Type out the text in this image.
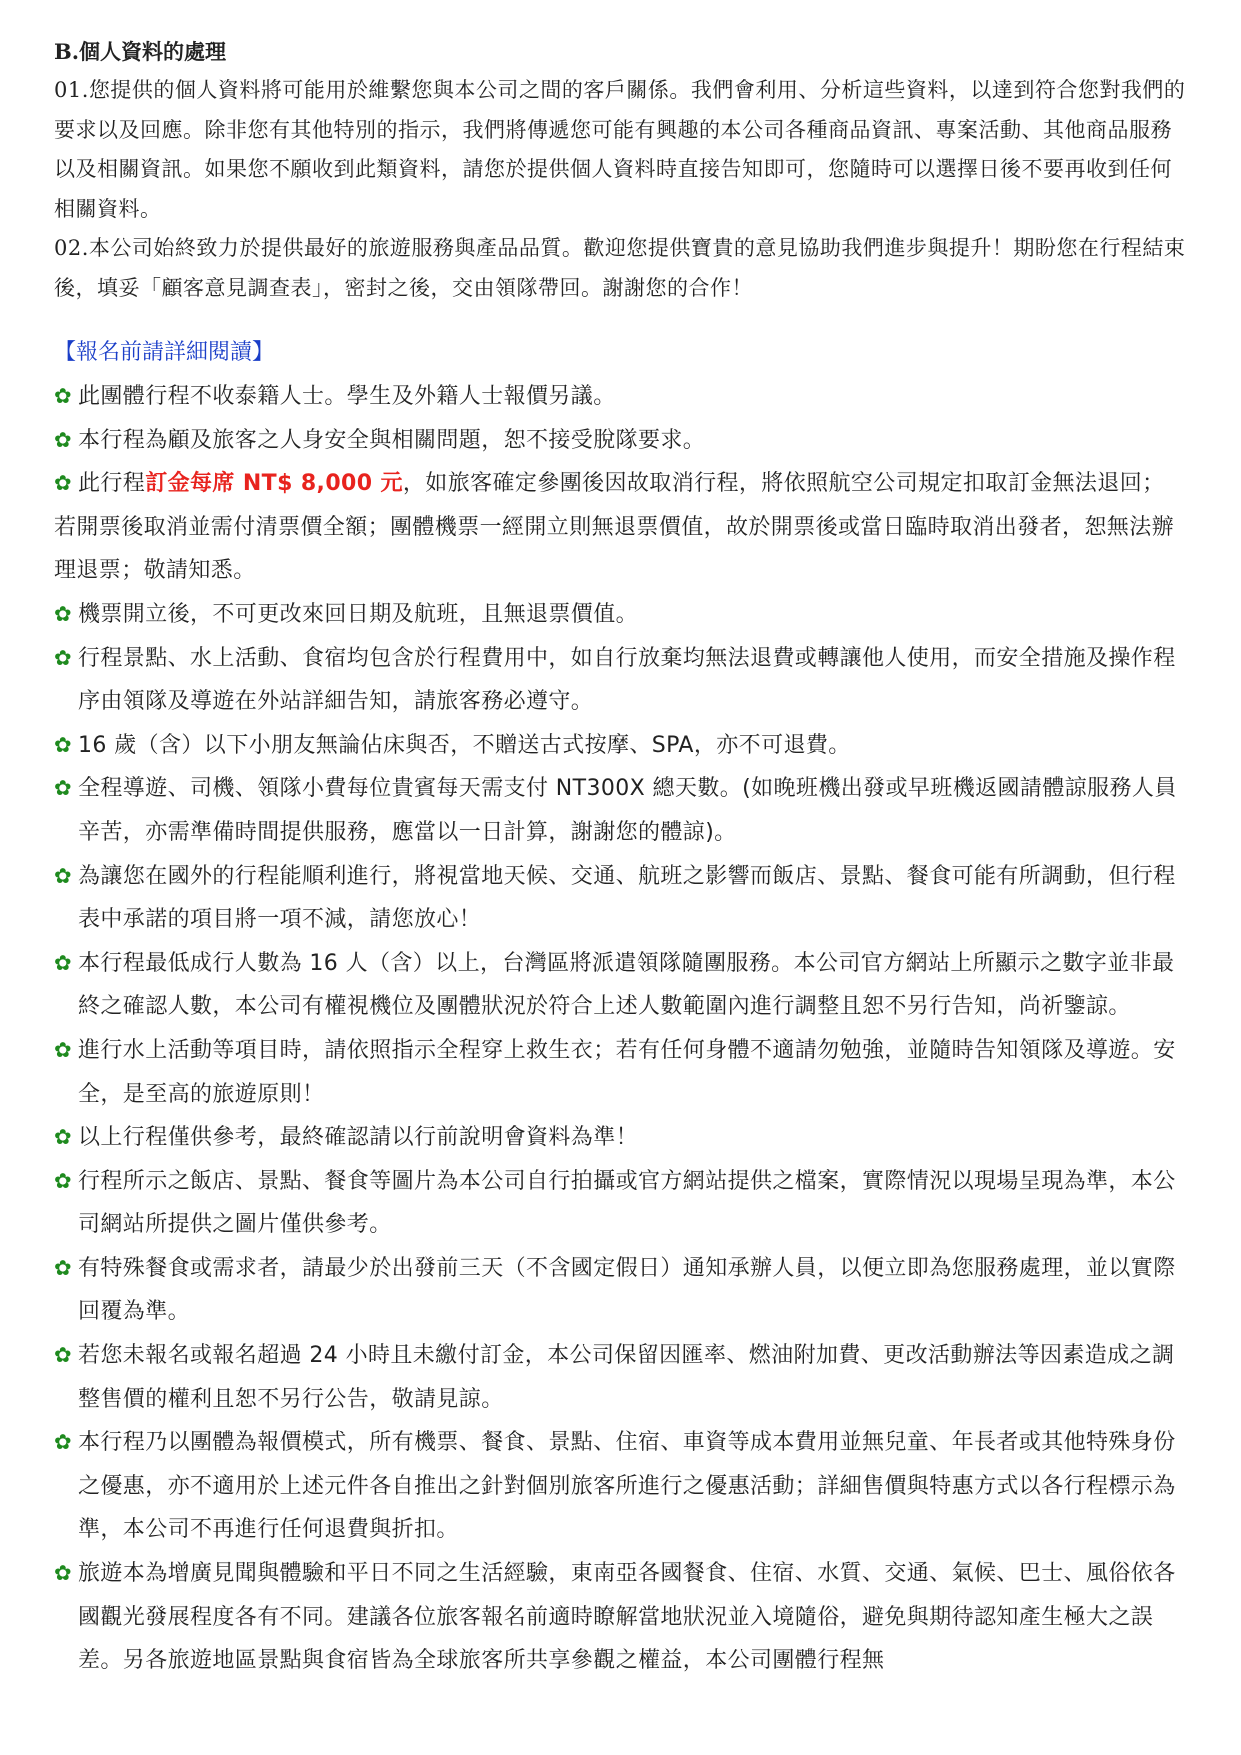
B.個人資料的處理

01.您提供的個人資料將可能用於維繫您與本公司之間的客戶關係。我們會利用、分析這些資料，以達到符合您對我們的要求以及回應。除非您有其他特別的指示，我們將傳遞您可能有興趣的本公司各種商品資訊、專案活動、其他商品服務以及相關資訊。如果您不願收到此類資料，請您於提供個人資料時直接告知即可，您隨時可以選擇日後不要再收到任何相關資料。

02.本公司始終致力於提供最好的旅遊服務與產品品質。歡迎您提供寶貴的意見協助我們進步與提升！期盼您在行程結束後，填妥「顧客意見調查表」，密封之後，交由領隊帶回。謝謝您的合作！

【報名前請詳細閱讀】

✿ 此團體行程不收泰籍人士。學生及外籍人士報價另議。

✿ 本行程為顧及旅客之人身安全與相關問題，恕不接受脫隊要求。

✿ 此行程訂金每席 NT$ 8,000 元，如旅客確定參團後因故取消行程，將依照航空公司規定扣取訂金無法退回；若開票後取消並需付清票價全額；團體機票一經開立則無退票價值，故於開票後或當日臨時取消出發者，恕無法辦理退票；敬請知悉。

✿ 機票開立後，不可更改來回日期及航班，且無退票價值。

✿ 行程景點、水上活動、食宿均包含於行程費用中，如自行放棄均無法退費或轉讓他人使用，而安全措施及操作程序由領隊及導遊在外站詳細告知，請旅客務必遵守。

✿ 16 歲（含）以下小朋友無論佔床與否，不贈送古式按摩、SPA，亦不可退費。

✿ 全程導遊、司機、領隊小費每位貴賓每天需支付 NT300X 總天數。(如晚班機出發或早班機返國請體諒服務人員辛苦，亦需準備時間提供服務，應當以一日計算，謝謝您的體諒)。

✿ 為讓您在國外的行程能順利進行，將視當地天候、交通、航班之影響而飯店、景點、餐食可能有所調動，但行程表中承諾的項目將一項不減，請您放心！

✿ 本行程最低成行人數為 16 人（含）以上，台灣區將派遣領隊隨團服務。本公司官方網站上所顯示之數字並非最終之確認人數，本公司有權視機位及團體狀況於符合上述人數範圍內進行調整且恕不另行告知，尚祈鑒諒。

✿ 進行水上活動等項目時，請依照指示全程穿上救生衣；若有任何身體不適請勿勉強，並隨時告知領隊及導遊。安全，是至高的旅遊原則！

✿ 以上行程僅供參考，最終確認請以行前說明會資料為準！

✿ 行程所示之飯店、景點、餐食等圖片為本公司自行拍攝或官方網站提供之檔案，實際情況以現場呈現為準，本公司網站所提供之圖片僅供參考。

✿ 有特殊餐食或需求者，請最少於出發前三天（不含國定假日）通知承辦人員，以便立即為您服務處理，並以實際回覆為準。

✿ 若您未報名或報名超過 24 小時且未繳付訂金，本公司保留因匯率、燃油附加費、更改活動辦法等因素造成之調整售價的權利且恕不另行公告，敬請見諒。

✿ 本行程乃以團體為報價模式，所有機票、餐食、景點、住宿、車資等成本費用並無兒童、年長者或其他特殊身份之優惠，亦不適用於上述元件各自推出之針對個別旅客所進行之優惠活動；詳細售價與特惠方式以各行程標示為準，本公司不再進行任何退費與折扣。

✿ 旅遊本為增廣見聞與體驗和平日不同之生活經驗，東南亞各國餐食、住宿、水質、交通、氣候、巴士、風俗依各國觀光發展程度各有不同。建議各位旅客報名前適時瞭解當地狀況並入境隨俗，避免與期待認知產生極大之誤差。另各旅遊地區景點與食宿皆為全球旅客所共享參觀之權益，本公司團體行程無
